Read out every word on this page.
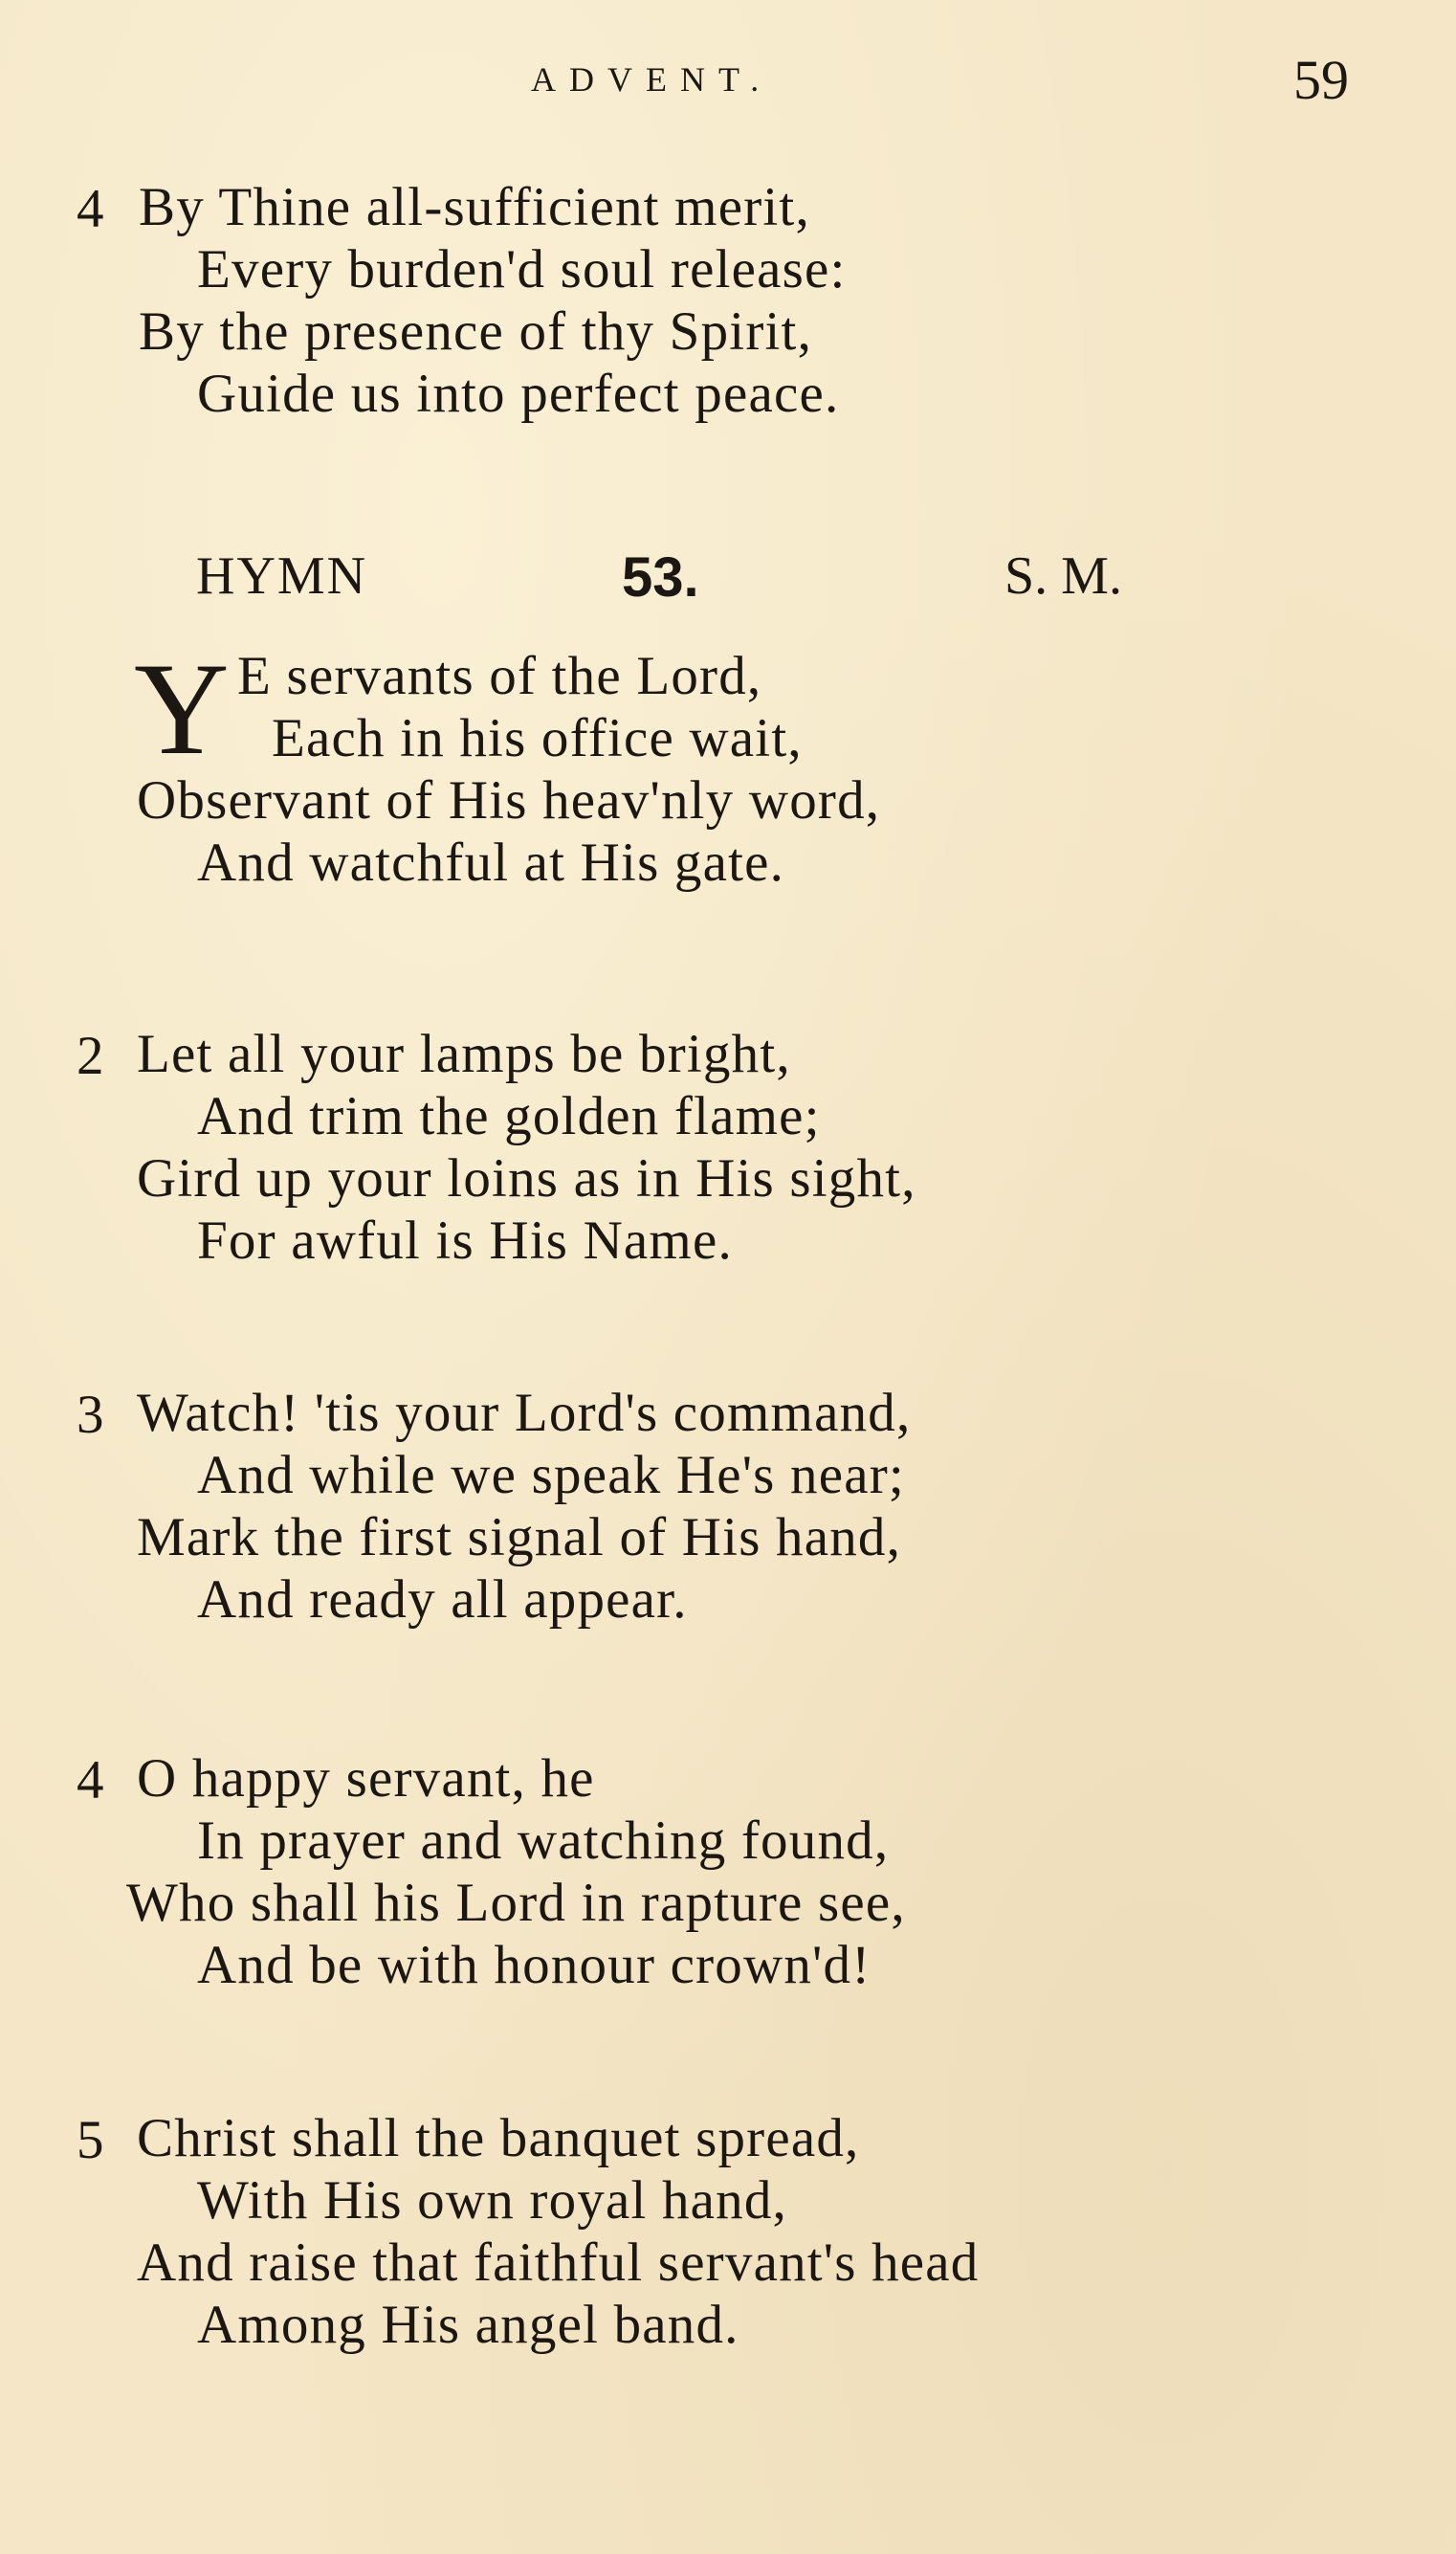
ADVENT.	59
4 By Thine all-sufficient merit,
Every burden'd soul release:
By the presence of thy Spirit,
Guide us into perfect peace.
HYMN	53.	S. M.
Y E servants of the Lord,
Each in his office wait,
Observant of His heav'nly word,
And watchful at His gate.
2 Let all your lamps be bright,
And trim the golden flame;
Gird up your loins as in His sight,
For awful is His Name.
3 Watch! 'tis your Lord's command,
And while we speak He's near;
Mark the first signal of His hand,
And ready all appear.
4 O happy servant, he
In prayer and watching found,
Who shall his Lord in rapture see,
And be with honour crown'd!
5 Christ shall the banquet spread,
With His own royal hand,
And raise that faithful servant's head
Among His angel band.
